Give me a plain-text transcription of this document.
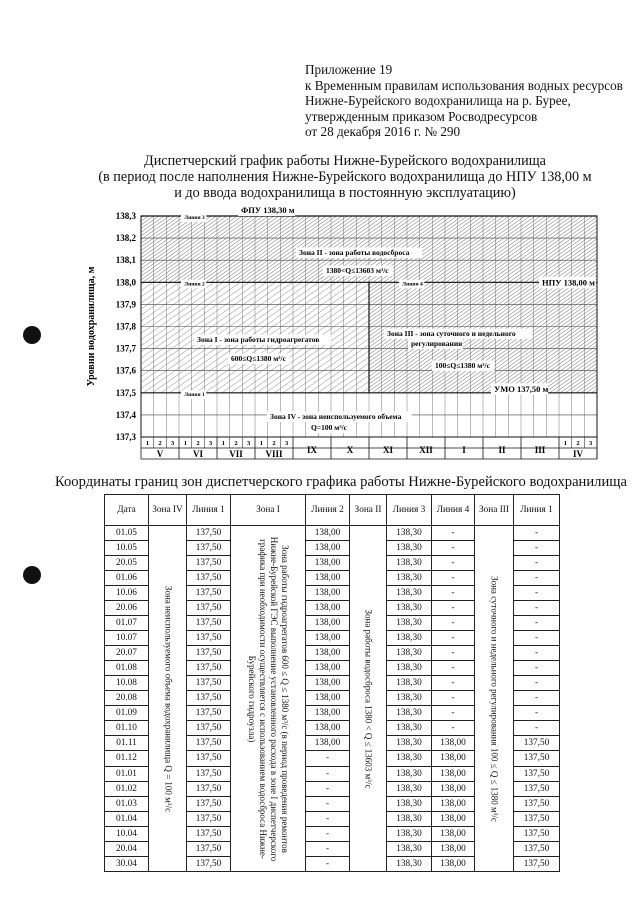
Приложение 19
к Временным правилам использования водных ресурсов
Нижне-Бурейского водохранилища на р. Бурее,
утвержденным приказом Росводресурсов
от 28 декабря 2016 г. № 290
Диспетчерский график работы Нижне-Бурейского водохранилища
(в период после наполнения Нижне-Бурейского водохранилища до НПУ 138,00 м
и до ввода водохранилища в постоянную эксплуатацию)
138,3
138,2
138,1
138,0
137,9
137,8
137,7
137,6
137,5
137,4
137,3
Уровни водохранилища, м
1 2 3
V
1 2 3
VI
1 2 3
VII
1 2 3
VIII	IX	X	XI	XII	I	II	III
1 2 3
IV
ФПУ 138,30 м
НПУ 138,00 м
УМО 137,50 м
Линия 3
Линия 2	Линия 4
Линия 1
Зона II - зона работы водосброса
1380<Q≤13603 м³/с
Зона I - зона работы гидроагрегатов
600≤Q≤1380 м³/с
Зона III - зона суточного и недельного
регулирования
100≤Q≤1380 м³/с
Зона IV - зона неиспользуемого объема
Q=100 м³/с
Координаты границ зон диспетчерского графика работы Нижне-Бурейского водохранилища
Дата	Зона IV	Линия 1	Зона I	Линия 2	Зона II	Линия 3	Линия 4	Зона III	Линия 1
01.05	Зона неиспользуемого объема водохранилища Q = 100 м³/с	137,50	Зона работы гидроагрегатов 600 ≤ Q ≤ 1380 м³/с (в период проведения ремонтов Нижне-Бурейской ГЭС выполнение установленного расхода в зоне I диспетчерского графика при необходимости осуществляется с использованием водосброса Нижне-Бурейского гидроузла)	138,00	Зона работы водосброса 1380 < Q ≤ 13603 м³/с	138,30	-	Зона суточного и недельного регулирования 100 ≤ Q ≤ 1380 м³/с	-
10.05		137,50		138,00		138,30	-		-
20.05		137,50		138,00		138,30	-		-
01.06		137,50		138,00		138,30	-		-
10.06		137,50		138,00		138,30	-		-
20.06		137,50		138,00		138,30	-		-
01.07		137,50		138,00		138,30	-		-
10.07		137,50		138,00		138,30	-		-
20.07		137,50		138,00		138,30	-		-
01.08		137,50		138,00		138,30	-		-
10.08		137,50		138,00		138,30	-		-
20.08		137,50		138,00		138,30	-		-
01.09		137,50		138,00		138,30	-		-
01.10		137,50		138,00		138,30	-		-
01.11		137,50		138,00		138,30	138,00		137,50
01.12		137,50		-		138,30	138,00		137,50
01.01		137,50		-		138,30	138,00		137,50
01.02		137,50		-		138,30	138,00		137,50
01.03		137,50		-		138,30	138,00		137,50
01.04		137,50		-		138,30	138,00		137,50
10.04		137,50		-		138,30	138,00		137,50
20.04		137,50		-		138,30	138,00		137,50
30.04		137,50		-		138,30	138,00		137,50
